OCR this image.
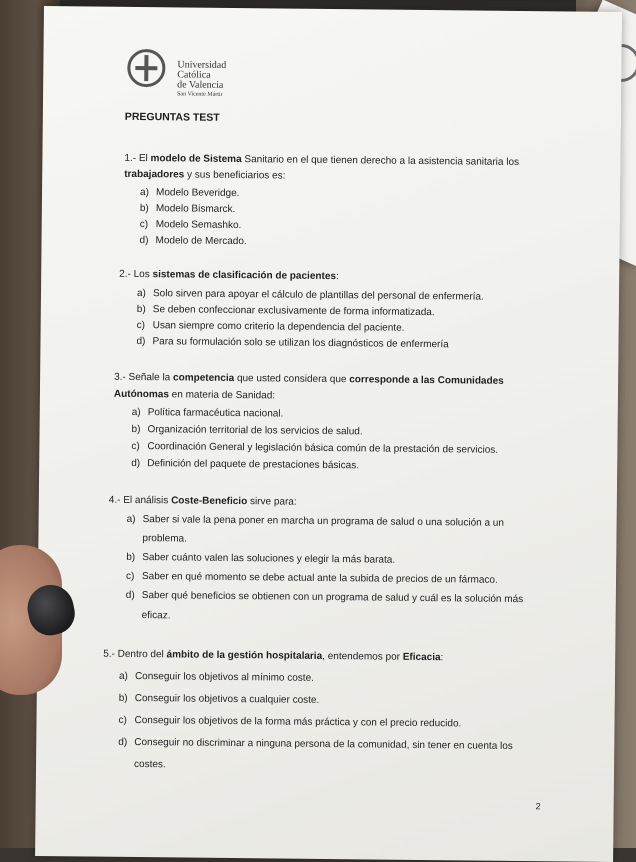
Universidad
Católica
de Valencia
San Vicente Mártir
PREGUNTAS TEST
1.- El modelo de Sistema Sanitario en el que tienen derecho a la asistencia sanitaria los
trabajadores y sus beneficiarios es:
a) Modelo Beveridge.
b) Modelo Bismarck.
c) Modelo Semashko.
d) Modelo de Mercado.
2.- Los sistemas de clasificación de pacientes:
a) Solo sirven para apoyar el cálculo de plantillas del personal de enfermería.
b) Se deben confeccionar exclusivamente de forma informatizada.
c) Usan siempre como criterio la dependencia del paciente.
d) Para su formulación solo se utilizan los diagnósticos de enfermería
3.- Señale la competencia que usted considera que corresponde a las Comunidades
Autónomas en materia de Sanidad:
a) Política farmacéutica nacional.
b) Organización territorial de los servicios de salud.
c) Coordinación General y legislación básica común de la prestación de servicios.
d) Definición del paquete de prestaciones básicas.
4.- El análisis Coste-Beneficio sirve para:
a) Saber si vale la pena poner en marcha un programa de salud o una solución a un
problema.
b) Saber cuánto valen las soluciones y elegir la más barata.
c) Saber en qué momento se debe actual ante la subida de precios de un fármaco.
d) Saber qué beneficios se obtienen con un programa de salud y cuál es la solución más
eficaz.
5.- Dentro del ámbito de la gestión hospitalaria, entendemos por Eficacia:
a) Conseguir los objetivos al mínimo coste.
b) Conseguir los objetivos a cualquier coste.
c) Conseguir los objetivos de la forma más práctica y con el precio reducido.
d) Conseguir no discriminar a ninguna persona de la comunidad, sin tener en cuenta los
costes.
2
